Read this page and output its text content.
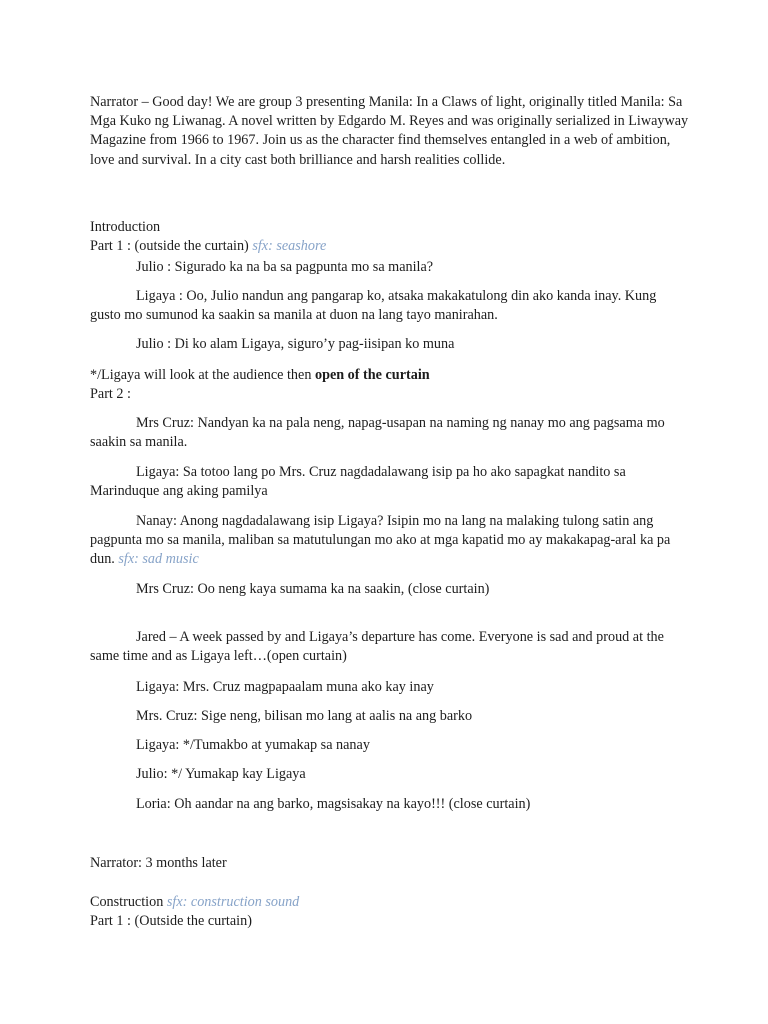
Narrator – Good day! We are group 3 presenting Manila: In a Claws of light, originally titled Manila: Sa Mga Kuko ng Liwanag. A novel written by Edgardo M. Reyes and was originally serialized in Liwayway Magazine from 1966 to 1967. Join us as the character find themselves entangled in a web of ambition, love and survival. In a city cast both brilliance and harsh realities collide.

Introduction
Part 1 : (outside the curtain) sfx: seashore
Julio : Sigurado ka na ba sa pagpunta mo sa manila?
Ligaya : Oo, Julio nandun ang pangarap ko, atsaka makakatulong din ako kanda inay. Kung gusto mo sumunod ka saakin sa manila at duon na lang tayo manirahan.
Julio : Di ko alam Ligaya, siguro’y pag-iisipan ko muna
*/Ligaya will look at the audience then open of the curtain
Part 2 :
Mrs Cruz: Nandyan ka na pala neng, napag-usapan na naming ng nanay mo ang pagsama mo saakin sa manila.
Ligaya: Sa totoo lang po Mrs. Cruz nagdadalawang isip pa ho ako sapagkat nandito sa Marinduque ang aking pamilya
Nanay: Anong nagdadalawang isip Ligaya? Isipin mo na lang na malaking tulong satin ang pagpunta mo sa manila, maliban sa matutulungan mo ako at mga kapatid mo ay makakapag-aral ka pa dun. sfx: sad music
Mrs Cruz: Oo neng kaya sumama ka na saakin, (close curtain)
Jared – A week passed by and Ligaya’s departure has come. Everyone is sad and proud at the same time and as Ligaya left…(open curtain)
Ligaya: Mrs. Cruz magpapaalam muna ako kay inay
Mrs. Cruz: Sige neng, bilisan mo lang at aalis na ang barko
Ligaya: */Tumakbo at yumakap sa nanay
Julio: */ Yumakap kay Ligaya
Loria: Oh aandar na ang barko, magsisakay na kayo!!! (close curtain)
Narrator: 3 months later
Construction sfx: construction sound
Part 1 : (Outside the curtain)
